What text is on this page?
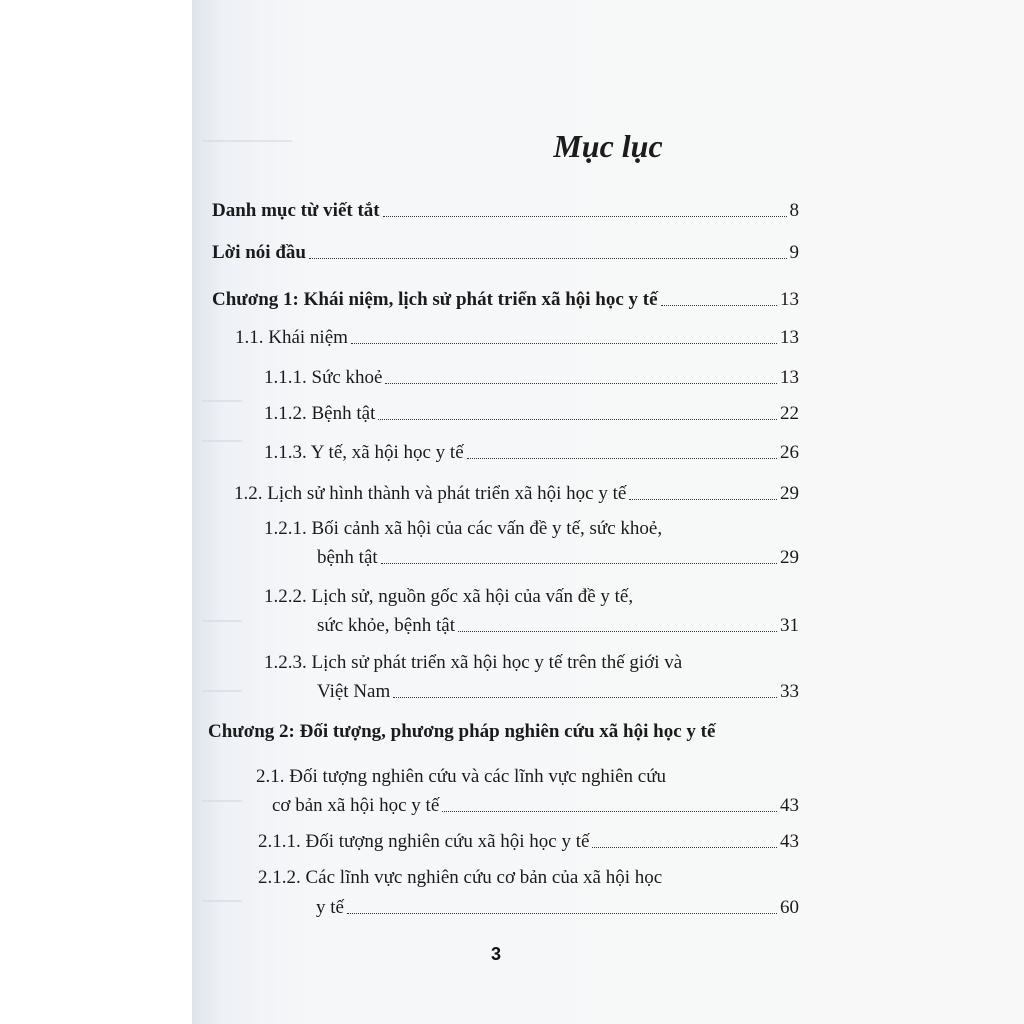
Mục lục
Danh mục từ viết tắt	8
Lời nói đầu	9
Chương 1: Khái niệm, lịch sử phát triển xã hội học y tế	13
1.1. Khái niệm	13
1.1.1. Sức khoẻ	13
1.1.2. Bệnh tật	22
1.1.3. Y tế, xã hội học y tế	26
1.2. Lịch sử hình thành và phát triển xã hội học y tế	29
1.2.1. Bối cảnh xã hội của các vấn đề y tế, sức khoẻ,
bệnh tật	29
1.2.2. Lịch sử, nguồn gốc xã hội của vấn đề y tế,
sức khỏe, bệnh tật	31
1.2.3. Lịch sử phát triển xã hội học y tế trên thế giới và
Việt Nam	33
Chương 2: Đối tượng, phương pháp nghiên cứu xã hội học y tế
2.1. Đối tượng nghiên cứu và các lĩnh vực nghiên cứu
cơ bản xã hội học y tế	43
2.1.1. Đối tượng nghiên cứu xã hội học y tế	43
2.1.2. Các lĩnh vực nghiên cứu cơ bản của xã hội học
y tế	60
3
